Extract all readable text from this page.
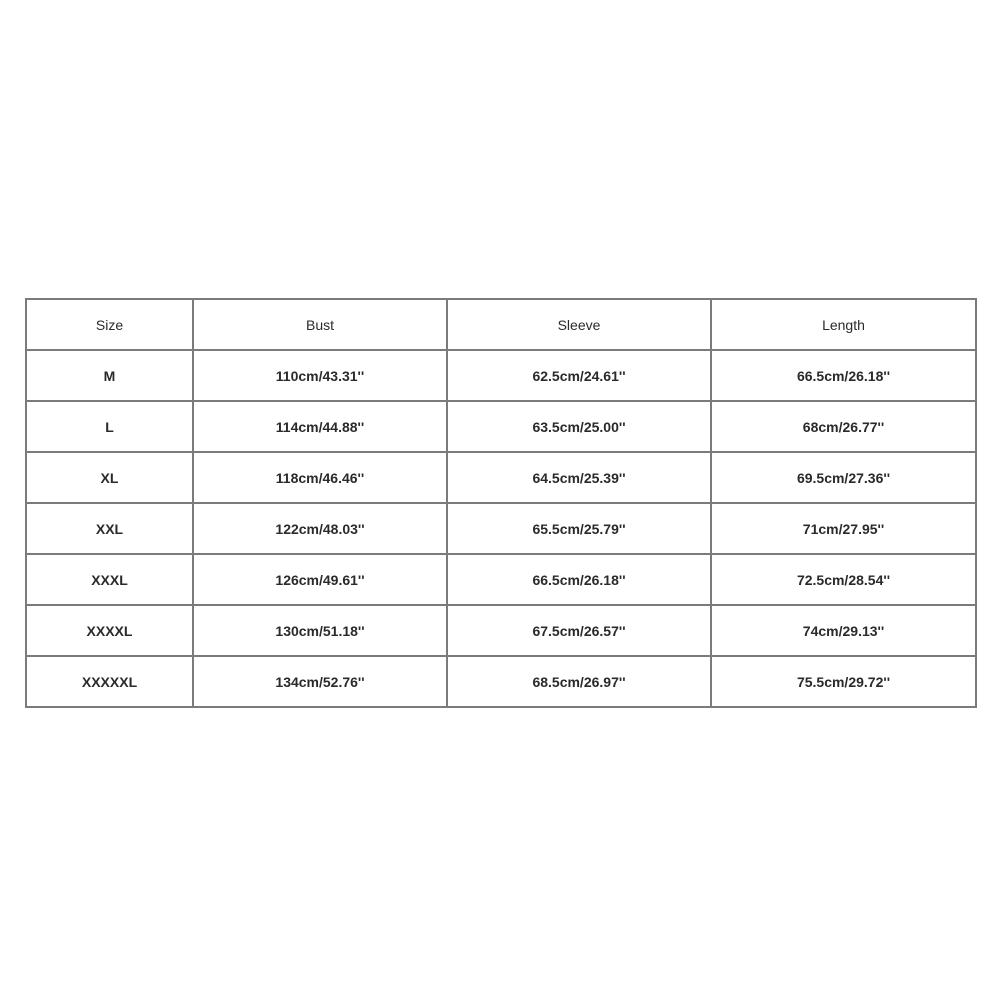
Size	Bust	Sleeve	Length
M	110cm/43.31''	62.5cm/24.61''	66.5cm/26.18''
L	114cm/44.88''	63.5cm/25.00''	68cm/26.77''
XL	118cm/46.46''	64.5cm/25.39''	69.5cm/27.36''
XXL	122cm/48.03''	65.5cm/25.79''	71cm/27.95''
XXXL	126cm/49.61''	66.5cm/26.18''	72.5cm/28.54''
XXXXL	130cm/51.18''	67.5cm/26.57''	74cm/29.13''
XXXXXL	134cm/52.76''	68.5cm/26.97''	75.5cm/29.72''
